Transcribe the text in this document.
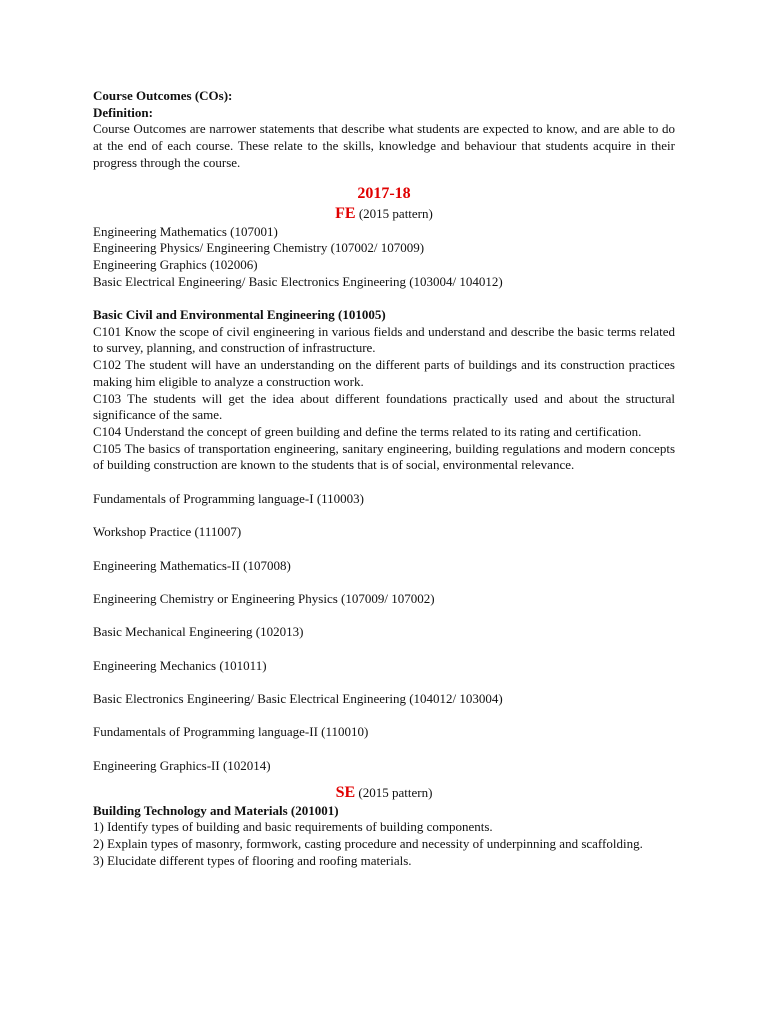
Course Outcomes (COs):
Definition:

Course Outcomes are narrower statements that describe what students are expected to know, and are able to do at the end of each course. These relate to the skills, knowledge and behaviour that students acquire in their progress through the course.

2017-18
FE (2015 pattern)

Engineering Mathematics (107001)

Engineering Physics/ Engineering Chemistry (107002/ 107009)

Engineering Graphics (102006)

Basic Electrical Engineering/ Basic Electronics Engineering (103004/ 104012)

Basic Civil and Environmental Engineering (101005)

C101 Know the scope of civil engineering in various fields and understand and describe the basic terms related to survey, planning, and construction of infrastructure.

C102 The student will have an understanding on the different parts of buildings and its construction practices making him eligible to analyze a construction work.

C103 The students will get the idea about different foundations practically used and about the structural significance of the same.

C104 Understand the concept of green building and define the terms related to its rating and certification.

C105 The basics of transportation engineering, sanitary engineering, building regulations and modern concepts of building construction are known to the students that is of social, environmental relevance.

Fundamentals of Programming language-I (110003)

Workshop Practice (111007)

Engineering Mathematics-II (107008)

Engineering Chemistry or Engineering Physics (107009/ 107002)

Basic Mechanical Engineering (102013)

Engineering Mechanics (101011)

Basic Electronics Engineering/ Basic Electrical Engineering (104012/ 103004)

Fundamentals of Programming language-II (110010)

Engineering Graphics-II (102014)

SE (2015 pattern)
Building Technology and Materials (201001)

1) Identify types of building and basic requirements of building components.

2) Explain types of masonry, formwork, casting procedure and necessity of underpinning and scaffolding.

3) Elucidate different types of flooring and roofing materials.
